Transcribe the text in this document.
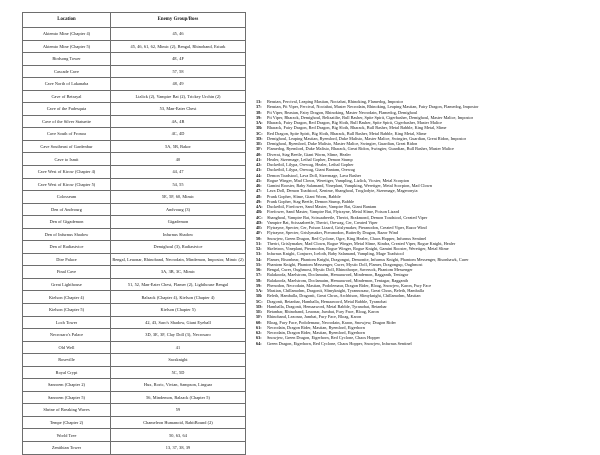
Location	Enemy Group/Boss
Aktemto Mine (Chapter 4)	45, 46
Aktemto Mine (Chapter 5)	45, 46, 61, 62, Mimic (2), Bengal, Rhinoband, Esturk
Birdsong Tower	4E, 4F
Cascade Cave	57, 58
Cave North of Lakanaba	48, 49
Cave of Betrayal	Lizlick (2), Vampire Bat (2), Trickey Urchin (2)
Cave of the Fadesquia	53, Man-Eater Chest
Cave of the Silver Statuette	4A, 4B
Cave South of Fronoa	4C, 4D
Cave Southeast of Gardenbur	5A, 5B, Bakor
Cave to Ismit	40
Cave West of Kirow (Chapter 4)	44, 47
Cave West of Kirow (Chapter 5)	54, 55
Colosseum	5E, 5F, 60, Mimic
Den of Andvourg	Andvourg (3)
Den of Gigademon	Gigademon
Den of Infurnus Shadow	Infurnus Shadow
Den of Radiastvice	Demighoul (3), Radiastvice
Dire Palace	Bengal, Leuonar, Rhinoband, Necrodain, Mindemon, Impostor, Mimic (2)
Final Cave	3A, 3B, 3C, Mimic
Great Lighthouse	51, 52, Man-Eater Chest, Flamer (2), Lighthouse Bengal
Kielson (Chapter 4)	Balzack (Chapter 4), Kielson (Chapter 4)
Kielson (Chapter 5)	Kielson (Chapter 5)
Loch Tower	42, 43, Saro's Shadow, Giant Eyeball
Necrosaro's Palace	3D, 3E, 3F, Clay Doll (3), Necrosaro
Old Well	41
Roseville	Sacsknight
Royal Crypt	5C, 5D
Sanroem (Chapter 2)	Hux, Roric, Vivian, Sampson, Linguar
Sanroem (Chapter 5)	56, Mindemon, Balzack (Chapter 5)
Shrine of Breaking Waves	59
Tempe (Chapter 2)	Chameleon Humanoid, RabitBound (2)
World Tree	50, 63, 64
Zenithian Tower	13, 37, 38, 39
13: Beastan, Fercival, Leaping Mastian, Noctabat, Rhinoking, Flamedog, Impostor
37: Beastan, Pit Viper, Fercival, Noctabat, Master Necrodain, Rhinoking, Leaping Mastian, Fairy Dragon, Flamedog, Impostor
38: Pit Viper, Beastan, Fairy Dragon, Rhinoking, Master Necrodain, Flamedog, Demighoul
39: Pit Viper, Bharack, Demighoul, Belizatilte, Bull Basher, Spite Spirit, Cigerbasher, Demighoul, Master Malice, Impostor
3A: Bharack, Fairy Dragon, Red Dragon, Big Sloth, Bull Basher, Spite Spirit, Cigerbasher, Master Malice
3B: Bharack, Fairy Dragon, Red Dragon, Big Sloth, Bharack, Bull Basher, Metal Babble, King Metal, Slime
3C: Red Dragon, Spite Spirit, Big Sloth, Bharack, Bull Basher, Metal Babble, King Metal, Slime
3D: Demighoul, Leaping Mastian, Ryemlord, Duke Malisto, Master Malice, Swingier, Guardian, Great Ridon, Impostor
3E: Demighoul, Ryemlord, Duke Malisto, Master Malice, Swingier, Guardian, Great Ridon
3F: Flamedog, Ryemlord, Duke Malisto, Bharack, Great Ridon, Swingier, Guardian, Bull Basher, Master Malice
40: Diverat, Stag Beetle, Giant Worm, Slime, Healer
41: Healer, Sizermage, Lethal Gopher, Demon Stump
42: Ducketbil, Lilypa, Orewag, Healer, Lethal Gopher
43: Ducketbil, Lilypa, Orewag, Giant Bantam, Orewag
44: Demon Toadstool, Lava Doll, Sizermage, Lava Basher
45: Rogue Winger, Mad Clown, Weretiger, Vampling, Lizlick, Vicster, Metal Scorpion
46: Gamini Rooster, Baby Salamand, Vineplant, Vampking, Weretiger, Metal Scorpion, Mad Clown
47: Lava Doll, Demon Toadstool, Xenime, Shanghoul, Troglodyte, Sizermage, Mageronyia
48: Prank Gopher, Slime, Giant Worm, Babble
49: Prank Gopher, Stag Beetle, Demon Stump, Babble
4A: Ducketbil, Firefower, Sand Master, Vampire Bat, Giant Bantam
4B: Firefower, Sand Master, Vampire Bat, Flytrayne, Metal Slime, Poison Lizard
4C: Shanghoul, Vampire Bat, Scissaabeetle, Theriri, Brakmond, Demon Toadstool, Created Viper
4D: Vampire Bat, Scissaabeetle, Theriri, Orewag, Cer, Created Viper
4E: Flytrayne, Specter, Cer, Poison Lizard, Grislymaker, Pteranodon, Created Viper, Razor Wind
4F: Flytrayne, Specter, Grislymaker, Pteranodon, Butterfly Dragon, Razor Wind
50: Snowjew, Green Dragon, Red Cyclone, Ogre, King Healer, Chaos Hopper, Infurnus Sentinel
51: Theriri, Grislymaker, Mad Clown, Rogue Winger, Metal Slime, Kindra, Created Viper, Rogue Knight, Healer
52: Skeletron, Vineplant, Pteranodon, Rogue Winger, Rogue Knight, Gamini Rooster, Weretiger, Metal Slime
53: Infurnus Knight, Conjurer, Icelotb, Baby Salamand, Vampling, Mage Toadstool
54: Flamer, Bisonbear, Phantom Knight, Dragongut, Demonite, Infurnus Knight, Phantom Messenger, Bisonhawk, Curer
55: Phantom Knight, Phantom Messenger, Curer, Mystic Doll, Flamer, Dragongup, Oughmost
56: Bengal, Curer, Oughmost, Mystic Doll, Rhinothorpe, Saveruck, Phantom Messenger
57: Balakooda, Maelstrom, Doclamaim, Hemaaword, Mindemon, Ragganth, Tentagar
58: Balakooda, Maelstrom, Doclamaim, Hemaaword, Mindemon, Tentagar, Ragganth
59: Phenodon, Necrodain, Mastian, Podolemaur, Dragon Rider, Bloag, Snowjew, Karon, Fury Face
5A: Mastian, Chillamohm, Dragonit, Slimyknight, Tyrannosaur, Great Chrus, Beleth, Hamballa
5B: Beleth, Hamballa, Dragonit, Great Chrus, Archbison, Slimyknight, Chillamohm, Mastian
5C: Dragonit, Betanbar, Hamballa, Hemaaword, Metal Babble, Tyranobat
5D: Hamballa, Dragonit, Hemaaword, Metal Babble, Tyranobat, Betanbar
5E: Betanbar, Rhinoband, Leaonar, Jumbat, Fury Face, Bloag, Karon
5F: Rhinoband, Leaonar, Jumbat, Fury Face, Bloag, Karon
60: Bloag, Fury Face, Podolemaur, Necrodain, Karon, Snowjew, Dragon Rider
61: Necrodain, Dragon Rider, Mastian, Ryemlord, Eigerhorn
62: Necrodain, Dragon Rider, Mastian, Ryemlord, Eigerhorn
63: Snowjew, Green Dragon, Eigerhorn, Red Cyclone, Chaos Hopper
64: Green Dragon, Eigerhorn, Red Cyclone, Chaos Hopper, Snowjew, Infurnus Sentinel
